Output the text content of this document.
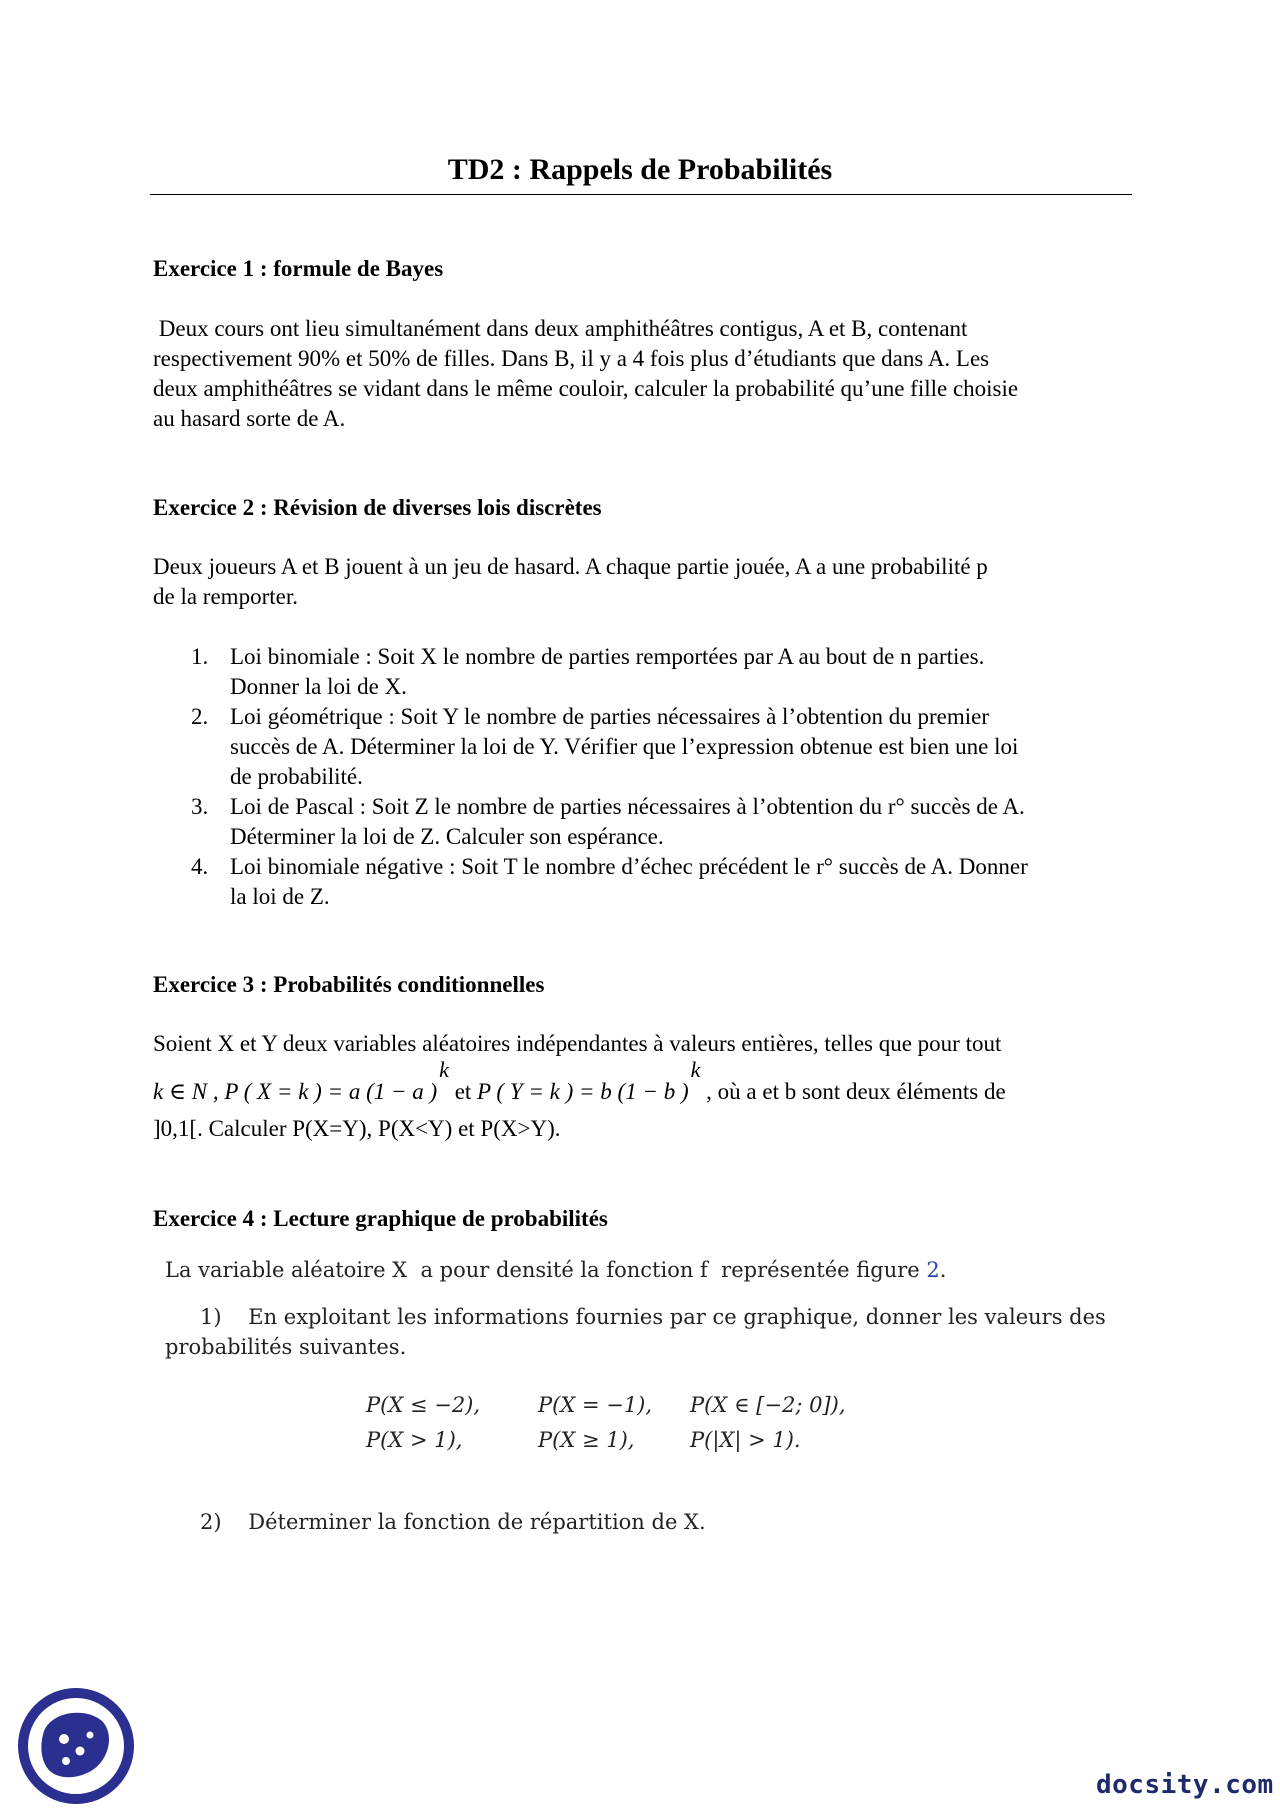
TD2 : Rappels de Probabilités
Exercice 1 : formule de Bayes

Deux cours ont lieu simultanément dans deux amphithéâtres contigus, A et B, contenant

respectivement 90% et 50% de filles. Dans B, il y a 4 fois plus d’étudiants que dans A. Les

deux amphithéâtres se vidant dans le même couloir, calculer la probabilité qu’une fille choisie

au hasard sorte de A.

Exercice 2 : Révision de diverses lois discrètes

Deux joueurs A et B jouent à un jeu de hasard. A chaque partie jouée, A a une probabilité p

de la remporter.

1. Loi binomiale : Soit X le nombre de parties remportées par A au bout de n parties.
Donner la loi de X.
2. Loi géométrique : Soit Y le nombre de parties nécessaires à l’obtention du premier
succès de A. Déterminer la loi de Y. Vérifier que l’expression obtenue est bien une loi
de probabilité.
3. Loi de Pascal : Soit Z le nombre de parties nécessaires à l’obtention du r° succès de A.
Déterminer la loi de Z. Calculer son espérance.
4. Loi binomiale négative : Soit T le nombre d’échec précédent le r° succès de A. Donner
la loi de Z.
Exercice 3 : Probabilités conditionnelles
Soient X et Y deux variables aléatoires indépendantes à valeurs entières, telles que pour tout
k ∈ N , P ( X = k ) = a (1 − a )k et P ( Y = k ) = b (1 − b )k , où a et b sont deux éléments de
]0,1[. Calculer P(X=Y), P(X<Y) et P(X>Y).
Exercice 4 : Lecture graphique de probabilités
La variable aléatoire X  a pour densité la fonction f  représentée figure 2.
1)    En exploitant les informations fournies par ce graphique, donner les valeurs des
probabilités suivantes.
P(X ≤ −2),	P(X = −1), P(X ∈ [−2; 0]),
P(X > 1),	P(X ≥ 1),	P(|X| > 1).
2)    Déterminer la fonction de répartition de X.
docsity.com
